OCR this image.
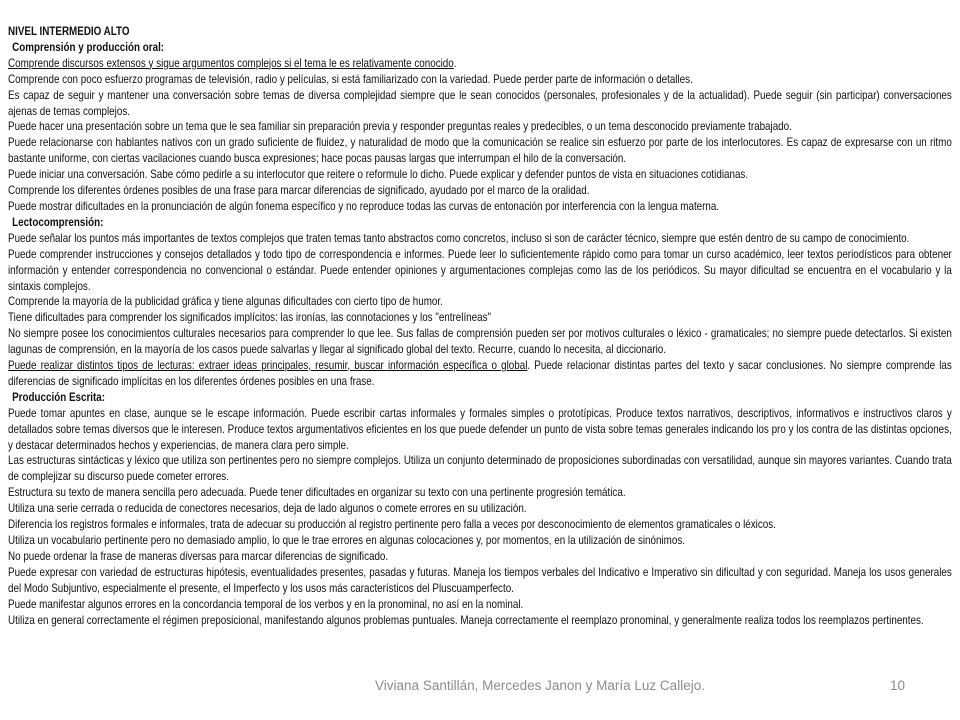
NIVEL INTERMEDIO ALTO

Comprensión y producción oral:

Comprende discursos extensos y sigue argumentos complejos si el tema le es relativamente conocido.

Comprende con poco esfuerzo programas de televisión, radio y películas, si está familiarizado con la variedad. Puede perder parte de información o detalles.

Es capaz de seguir y mantener una conversación sobre temas de diversa complejidad siempre que le sean conocidos (personales, profesionales y de la actualidad). Puede seguir (sin participar) conversaciones ajenas de temas complejos.

Puede hacer una presentación sobre un tema que le sea familiar sin preparación previa y responder preguntas reales y predecibles, o un tema desconocido previamente trabajado.

Puede relacionarse con hablantes nativos con un grado suficiente de fluidez, y naturalidad de modo que la comunicación se realice sin esfuerzo por parte de los interlocutores. Es capaz de expresarse con un ritmo bastante uniforme, con ciertas vacilaciones cuando busca expresiones; hace pocas pausas largas que interrumpan el hilo de la conversación.

Puede iniciar una conversación. Sabe cómo pedirle a su interlocutor que reitere o reformule lo dicho. Puede explicar y defender puntos de vista en situaciones cotidianas.

Comprende los diferentes órdenes posibles de una frase para marcar diferencias de significado, ayudado por el marco de la oralidad.

Puede mostrar dificultades en la pronunciación de algún fonema específico y no reproduce todas las curvas de entonación por interferencia con la lengua materna.

Lectocomprensión:

Puede señalar los puntos más importantes de textos complejos que traten temas tanto abstractos como concretos, incluso si son de carácter técnico, siempre que estén dentro de su campo de conocimiento.

Puede comprender instrucciones y consejos detallados y todo tipo de correspondencia e informes. Puede leer lo suficientemente rápido como para tomar un curso académico, leer textos periodísticos para obtener información y entender correspondencia no convencional o estándar. Puede entender opiniones y argumentaciones complejas como las de los periódicos. Su mayor dificultad se encuentra en el vocabulario y la sintaxis complejos.

Comprende la mayoría de la publicidad gráfica y tiene algunas dificultades con cierto tipo de humor.

Tiene dificultades para comprender los significados implícitos: las ironías, las connotaciones y los "entrelíneas"

No siempre posee los conocimientos culturales necesarios para comprender lo que lee. Sus fallas de comprensión pueden ser por motivos culturales o léxico - gramaticales; no siempre puede detectarlos. Si existen lagunas de comprensión, en la mayoría de los casos puede salvarlas y llegar al significado global del texto. Recurre, cuando lo necesita, al diccionario.

Puede realizar distintos tipos de lecturas: extraer ideas principales, resumir, buscar información específica o global. Puede relacionar distintas partes del texto y sacar conclusiones. No siempre comprende las diferencias de significado implícitas en los diferentes órdenes posibles en una frase.

Producción Escrita:

Puede tomar apuntes en clase, aunque se le escape información. Puede escribir cartas informales y formales simples o prototípicas. Produce textos narrativos, descriptivos, informativos e instructivos claros y detallados sobre temas diversos que le interesen. Produce textos argumentativos eficientes en los que puede defender un punto de vista sobre temas generales indicando los pro y los contra de las distintas opciones, y destacar determinados hechos y experiencias, de manera clara pero simple.

Las estructuras sintácticas y léxico que utiliza son pertinentes pero no siempre complejos. Utiliza un conjunto determinado de proposiciones subordinadas con versatilidad, aunque sin mayores variantes. Cuando trata de complejizar su discurso puede cometer errores.

Estructura su texto de manera sencilla pero adecuada. Puede tener dificultades en organizar su texto con una pertinente progresión temática.

Utiliza una serie cerrada o reducida de conectores necesarios, deja de lado algunos o comete errores en su utilización.

Diferencia los registros formales e informales, trata de adecuar su producción al registro pertinente pero falla a veces por desconocimiento de elementos gramaticales o léxicos.

Utiliza un vocabulario pertinente pero no demasiado amplio, lo que le trae errores en algunas colocaciones y, por momentos, en la utilización de sinónimos.

No puede ordenar la frase de maneras diversas para marcar diferencias de significado.

Puede expresar con variedad de estructuras hipótesis, eventualidades presentes, pasadas y futuras. Maneja los tiempos verbales del Indicativo e Imperativo sin dificultad y con seguridad. Maneja los usos generales del Modo Subjuntivo, especialmente el presente, el Imperfecto y los usos más característicos del Pluscuamperfecto.

Puede manifestar algunos errores en la concordancia temporal de los verbos y en la pronominal, no así en la nominal.

Utiliza en general correctamente el régimen preposicional, manifestando algunos problemas puntuales. Maneja correctamente el reemplazo pronominal, y generalmente realiza todos los reemplazos pertinentes.

Viviana Santillán, Mercedes Janon y María Luz Callejo.	10
